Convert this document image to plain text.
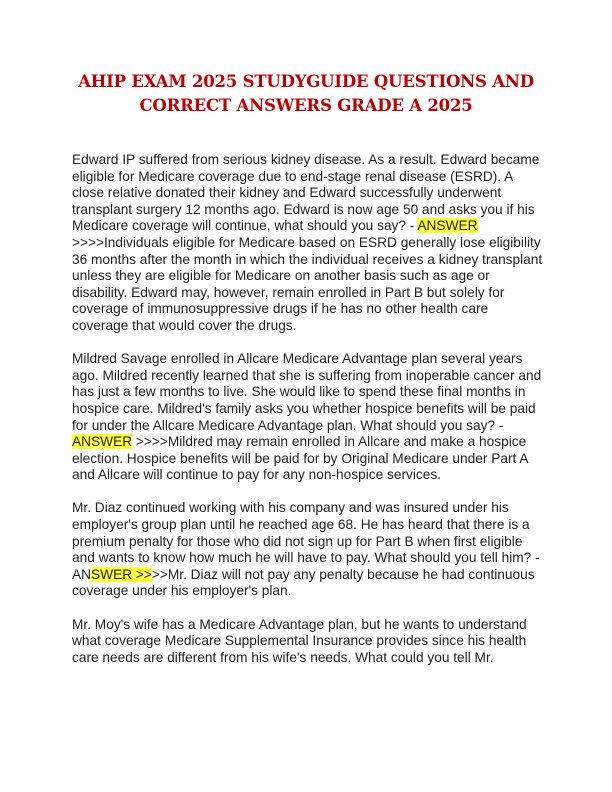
AHIP EXAM 2025 STUDYGUIDE QUESTIONS AND
CORRECT ANSWERS GRADE A 2025

Edward IP suffered from serious kidney disease. As a result. Edward became eligible for Medicare coverage due to end-stage renal disease (ESRD). A close relative donated their kidney and Edward successfully underwent transplant surgery 12 months ago. Edward is now age 50 and asks you if his Medicare coverage will continue, what should you say? - ANSWER >>>>Individuals eligible for Medicare based on ESRD generally lose eligibility 36 months after the month in which the individual receives a kidney transplant unless they are eligible for Medicare on another basis such as age or disability. Edward may, however, remain enrolled in Part B but solely for coverage of immunosuppressive drugs if he has no other health care coverage that would cover the drugs.

Mildred Savage enrolled in Allcare Medicare Advantage plan several years ago. Mildred recently learned that she is suffering from inoperable cancer and has just a few months to live. She would like to spend these final months in hospice care. Mildred's family asks you whether hospice benefits will be paid for under the Allcare Medicare Advantage plan. What should you say? - ANSWER >>>>Mildred may remain enrolled in Allcare and make a hospice election. Hospice benefits will be paid for by Original Medicare under Part A and Allcare will continue to pay for any non-hospice services.

Mr. Diaz continued working with his company and was insured under his employer's group plan until he reached age 68. He has heard that there is a premium penalty for those who did not sign up for Part B when first eligible and wants to know how much he will have to pay. What should you tell him? - ANSWER >>>>Mr. Diaz will not pay any penalty because he had continuous coverage under his employer's plan.

Mr. Moy's wife has a Medicare Advantage plan, but he wants to understand what coverage Medicare Supplemental Insurance provides since his health care needs are different from his wife's needs. What could you tell Mr.
